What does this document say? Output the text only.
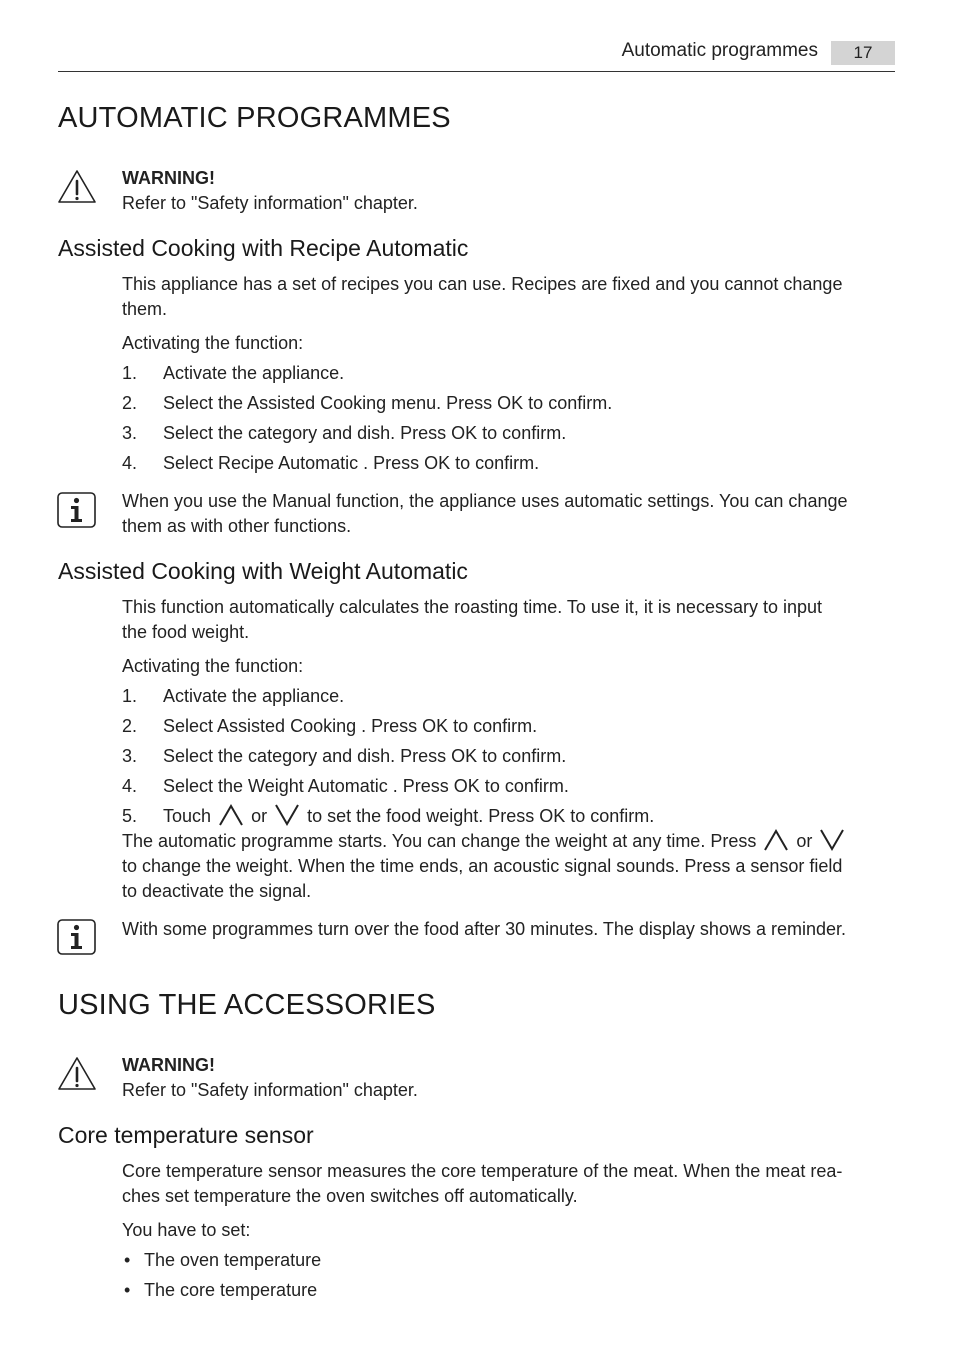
Automatic programmes	17
AUTOMATIC PROGRAMMES
WARNING!
Refer to "Safety information" chapter.
Assisted Cooking with Recipe Automatic
This appliance has a set of recipes you can use. Recipes are fixed and you cannot change
them.
Activating the function:
1.	Activate the appliance.
2.	Select the Assisted Cooking menu. Press OK to confirm.
3.	Select the category and dish. Press OK to confirm.
4.	Select Recipe Automatic . Press OK to confirm.
When you use the Manual function, the appliance uses automatic settings. You can change
them as with other functions.
Assisted Cooking with Weight Automatic
This function automatically calculates the roasting time. To use it, it is necessary to input
the food weight.
Activating the function:
1.	Activate the appliance.
2.	Select Assisted Cooking . Press OK to confirm.
3.	Select the category and dish. Press OK to confirm.
4.	Select the Weight Automatic . Press OK to confirm.
5.	Touch or to set the food weight. Press OK to confirm.
The automatic programme starts. You can change the weight at any time. Press or
to change the weight. When the time ends, an acoustic signal sounds. Press a sensor field
to deactivate the signal.
With some programmes turn over the food after 30 minutes. The display shows a reminder.
USING THE ACCESSORIES
WARNING!
Refer to "Safety information" chapter.
Core temperature sensor
Core temperature sensor measures the core temperature of the meat. When the meat rea-
ches set temperature the oven switches off automatically.
You have to set:
• The oven temperature
• The core temperature
